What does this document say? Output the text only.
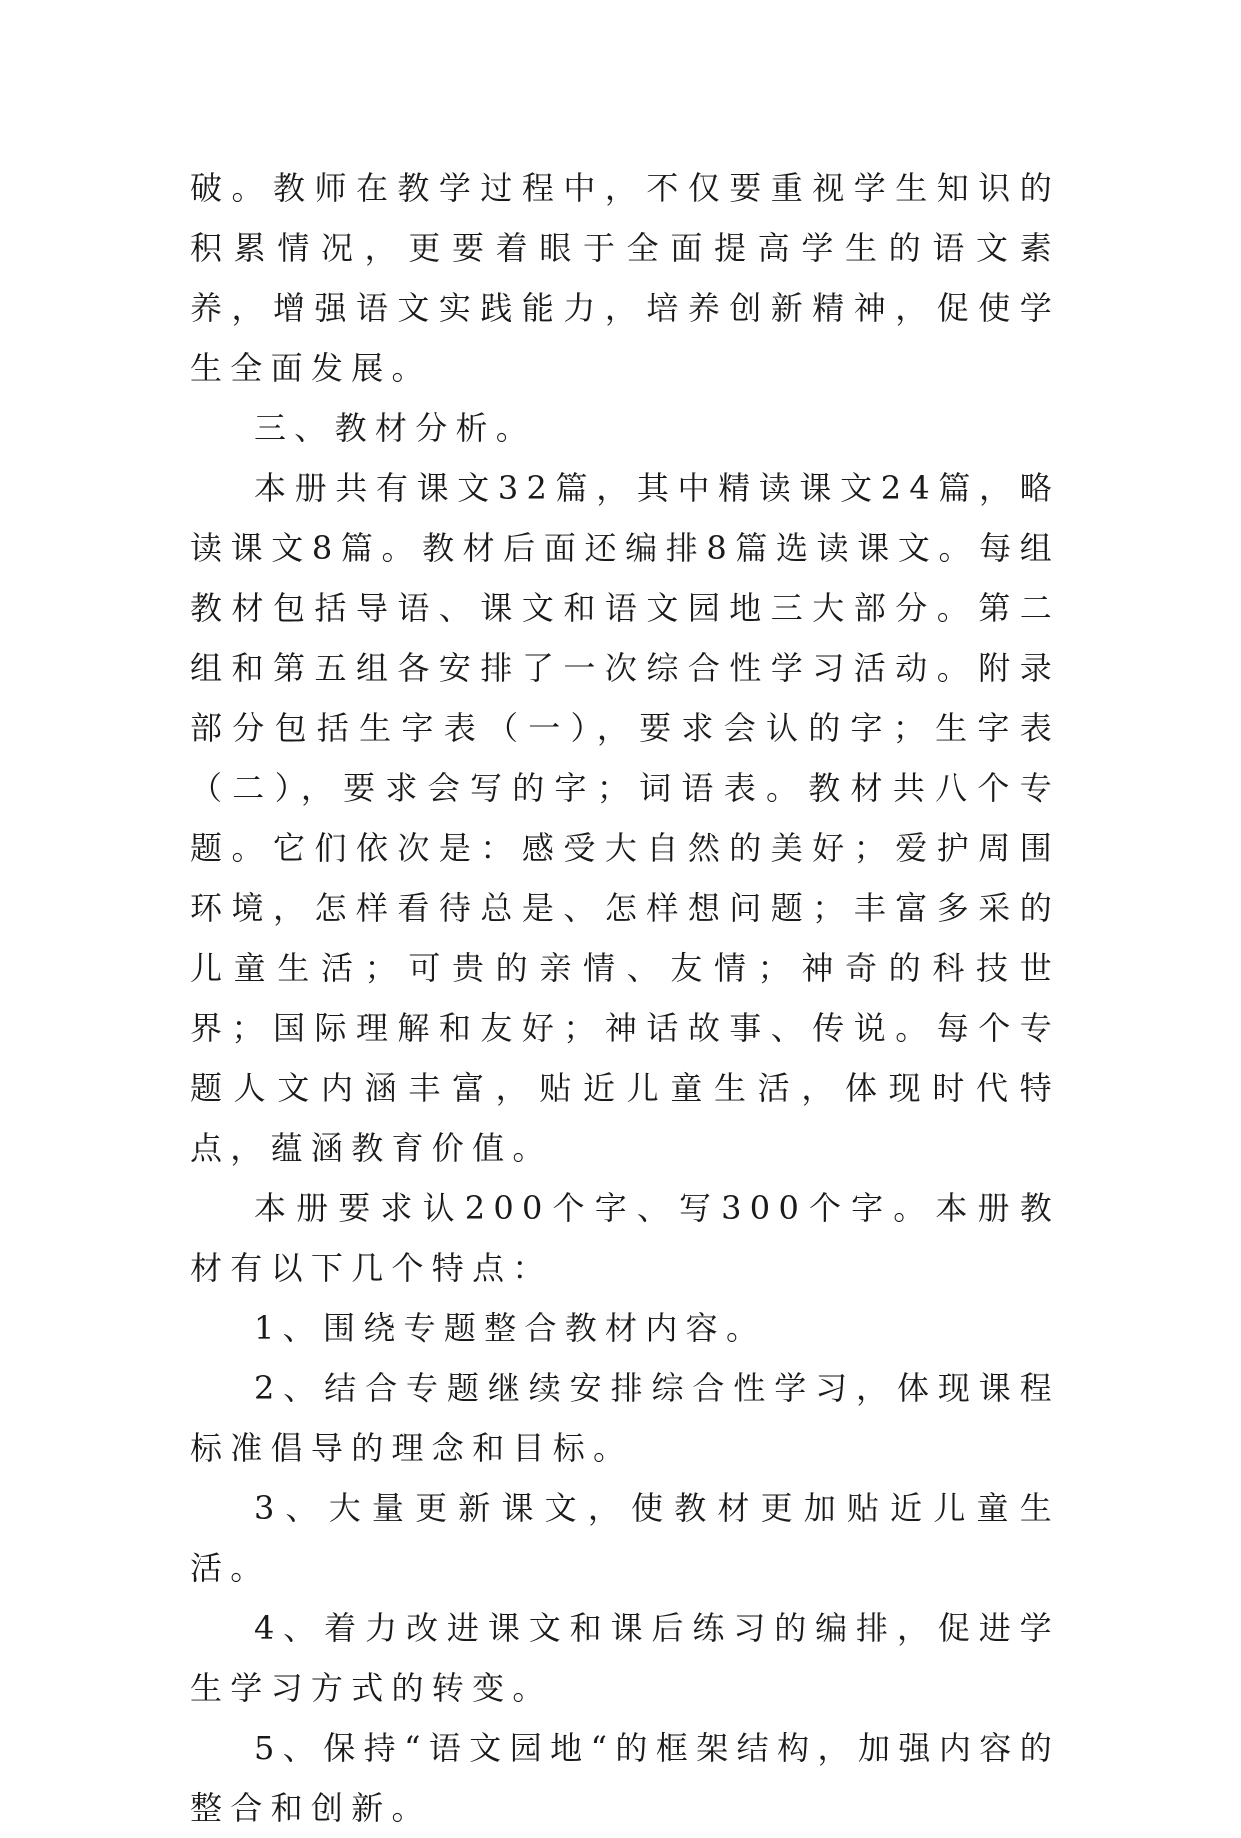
破。教师在教学过程中，不仅要重视学生知识的积累情况，更要着眼于全面提高学生的语文素养，增强语文实践能力，培养创新精神，促使学生全面发展。

三、教材分析。

本册共有课文32篇，其中精读课文24篇，略读课文8篇。教材后面还编排8篇选读课文。每组教材包括导语、课文和语文园地三大部分。第二组和第五组各安排了一次综合性学习活动。附录部分包括生字表（一），要求会认的字；生字表（二），要求会写的字；词语表。教材共八个专题。它们依次是：感受大自然的美好；爱护周围环境，怎样看待总是、怎样想问题；丰富多采的儿童生活；可贵的亲情、友情；神奇的科技世界；国际理解和友好；神话故事、传说。每个专题人文内涵丰富，贴近儿童生活，体现时代特点，蕴涵教育价值。

本册要求认200个字、写300个字。本册教材有以下几个特点：

1、围绕专题整合教材内容。

2、结合专题继续安排综合性学习，体现课程标准倡导的理念和目标。

3、大量更新课文，使教材更加贴近儿童生活。

4、着力改进课文和课后练习的编排，促进学生学习方式的转变。

5、保持“语文园地“的框架结构，加强内容的整合和创新。
